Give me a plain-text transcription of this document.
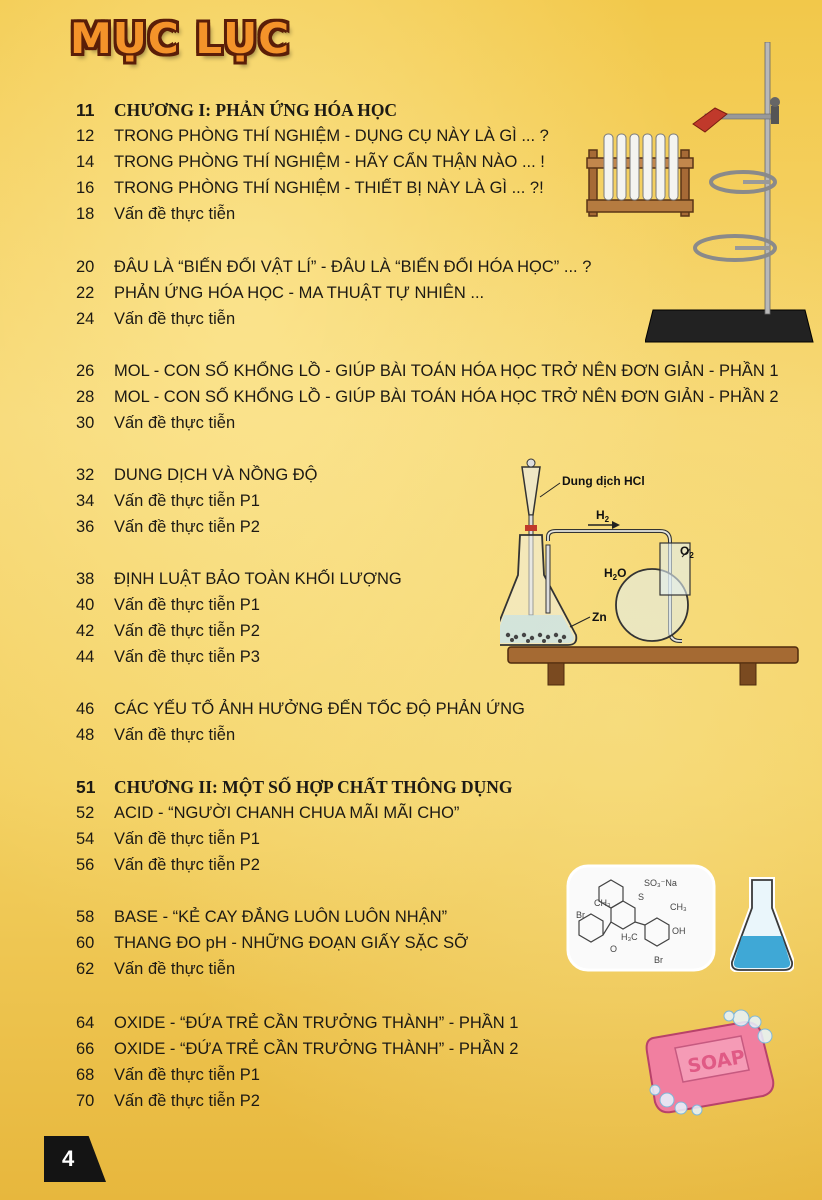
MỤC LỤC
11	CHƯƠNG I: PHẢN ỨNG HÓA HỌC
12	TRONG PHÒNG THÍ NGHIỆM - DỤNG CỤ NÀY LÀ GÌ ... ?
14	TRONG PHÒNG THÍ NGHIỆM - HÃY CẨN THẬN NÀO ... !
16	TRONG PHÒNG THÍ NGHIỆM - THIẾT BỊ NÀY LÀ GÌ ... ?!
18	Vấn đề thực tiễn
20	ĐÂU LÀ “BIẾN ĐỔI VẬT LÍ” - ĐÂU LÀ “BIẾN ĐỔI HÓA HỌC” ... ?
22	PHẢN ỨNG HÓA HỌC - MA THUẬT TỰ NHIÊN ...
24	Vấn đề thực tiễn
26	MOL - CON SỐ KHỔNG LỒ - GIÚP BÀI TOÁN HÓA HỌC TRỞ NÊN ĐƠN GIẢN - PHẦN 1
28	MOL - CON SỐ KHỔNG LỒ - GIÚP BÀI TOÁN HÓA HỌC TRỞ NÊN ĐƠN GIẢN - PHẦN 2
30	Vấn đề thực tiễn
32	DUNG DỊCH VÀ NỒNG ĐỘ
34	Vấn đề thực tiễn P1
36	Vấn đề thực tiễn P2
38	ĐỊNH LUẬT BẢO TOÀN KHỐI LƯỢNG
40	Vấn đề thực tiễn P1
42	Vấn đề thực tiễn P2
44	Vấn đề thực tiễn P3
46	CÁC YẾU TỐ ẢNH HƯỞNG ĐẾN TỐC ĐỘ PHẢN ỨNG
48	Vấn đề thực tiễn
51	CHƯƠNG II: MỘT SỐ HỢP CHẤT THÔNG DỤNG
52	ACID - “NGƯỜI CHANH CHUA MÃI MÃI CHO”
54	Vấn đề thực tiễn P1
56	Vấn đề thực tiễn P2
58	BASE - “KẺ CAY ĐẮNG LUÔN LUÔN NHẬN”
60	THANG ĐO pH - NHỮNG ĐOẠN GIẤY SẶC SỠ
62	Vấn đề thực tiễn
64	OXIDE - “ĐỨA TRẺ CẦN TRƯỞNG THÀNH” - PHẦN 1
66	OXIDE - “ĐỨA TRẺ CẦN TRƯỞNG THÀNH” - PHẦN 2
68	Vấn đề thực tiễn P1
70	Vấn đề thực tiễn P2
Dung dịch HCl
$H_2$
$H_2O$
$O_2$
Zn
Br
Br
SO₃⁻Na
S
CH₃	CH₃
H₃C
OH
O
SOAP
4
